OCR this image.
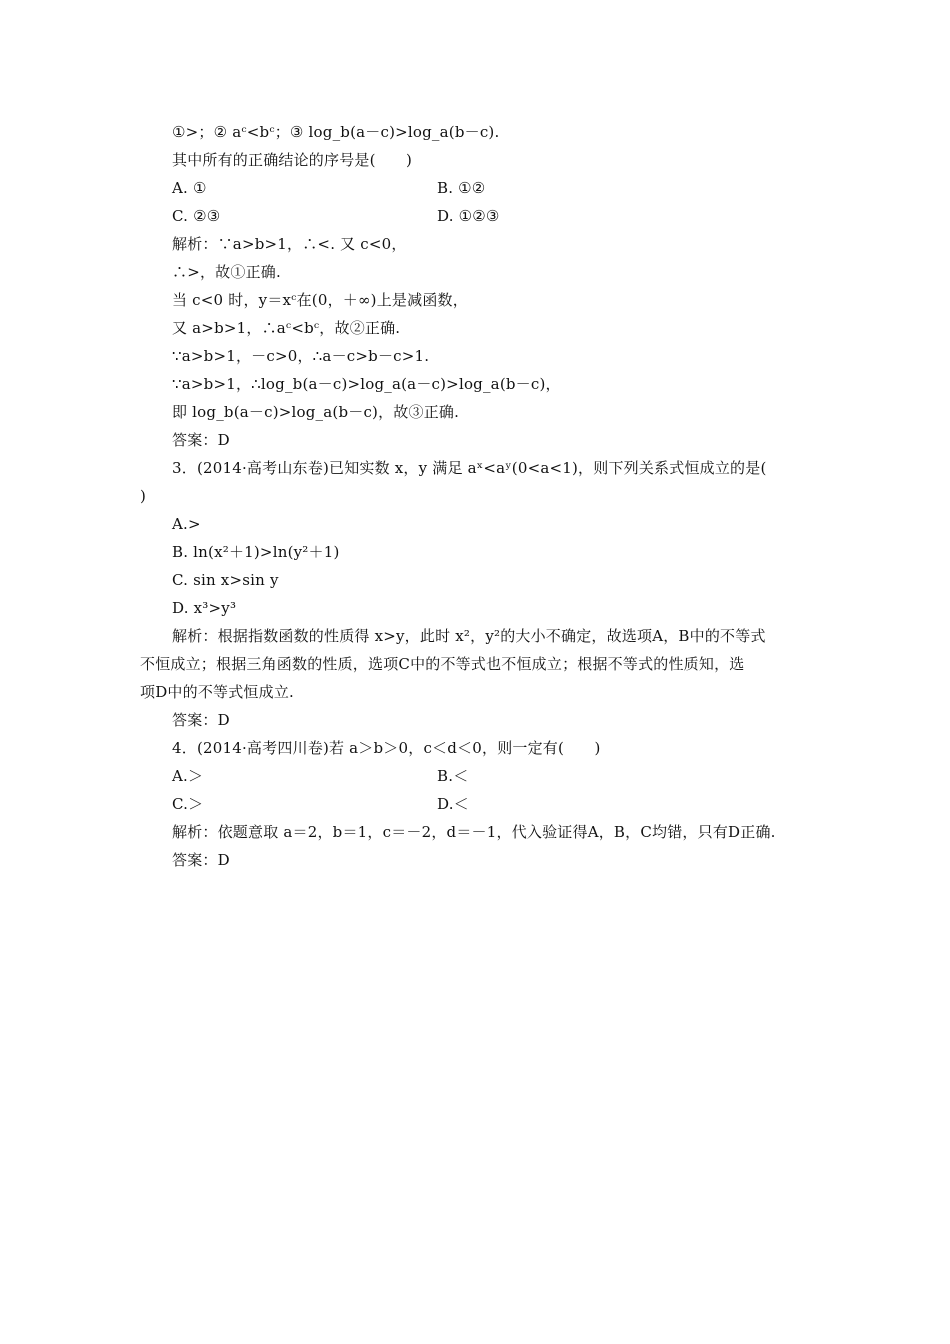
①>；② aᶜ<bᶜ；③ log_b(a－c)>log_a(b－c).
其中所有的正确结论的序号是(　　)
A. ①	B. ①②
C. ②③	D. ①②③
解析：∵a>b>1，∴<. 又 c<0，
∴>，故①正确.
当 c<0 时，y＝xᶜ在(0，＋∞)上是减函数，
又 a>b>1，∴aᶜ<bᶜ，故②正确.
∵a>b>1，－c>0，∴a－c>b－c>1.
∵a>b>1，∴log_b(a－c)>log_a(a－c)>log_a(b－c)，
即 log_b(a－c)>log_a(b－c)，故③正确.
答案：D
3．(2014·高考山东卷)已知实数 x，y 满足 aˣ<aʸ(0<a<1)，则下列关系式恒成立的是(
)
A.>
B. ln(x²＋1)>ln(y²＋1)
C. sin x>sin y
D. x³>y³
解析：根据指数函数的性质得 x>y，此时 x²，y²的大小不确定，故选项A，B中的不等式
不恒成立；根据三角函数的性质，选项C中的不等式也不恒成立；根据不等式的性质知，选
项D中的不等式恒成立.
答案：D
4．(2014·高考四川卷)若 a＞b＞0，c＜d＜0，则一定有(　　)
A.＞	B.＜
C.＞	D.＜
解析：依题意取 a＝2，b＝1，c＝－2，d＝－1，代入验证得A，B，C均错，只有D正确.
答案：D
